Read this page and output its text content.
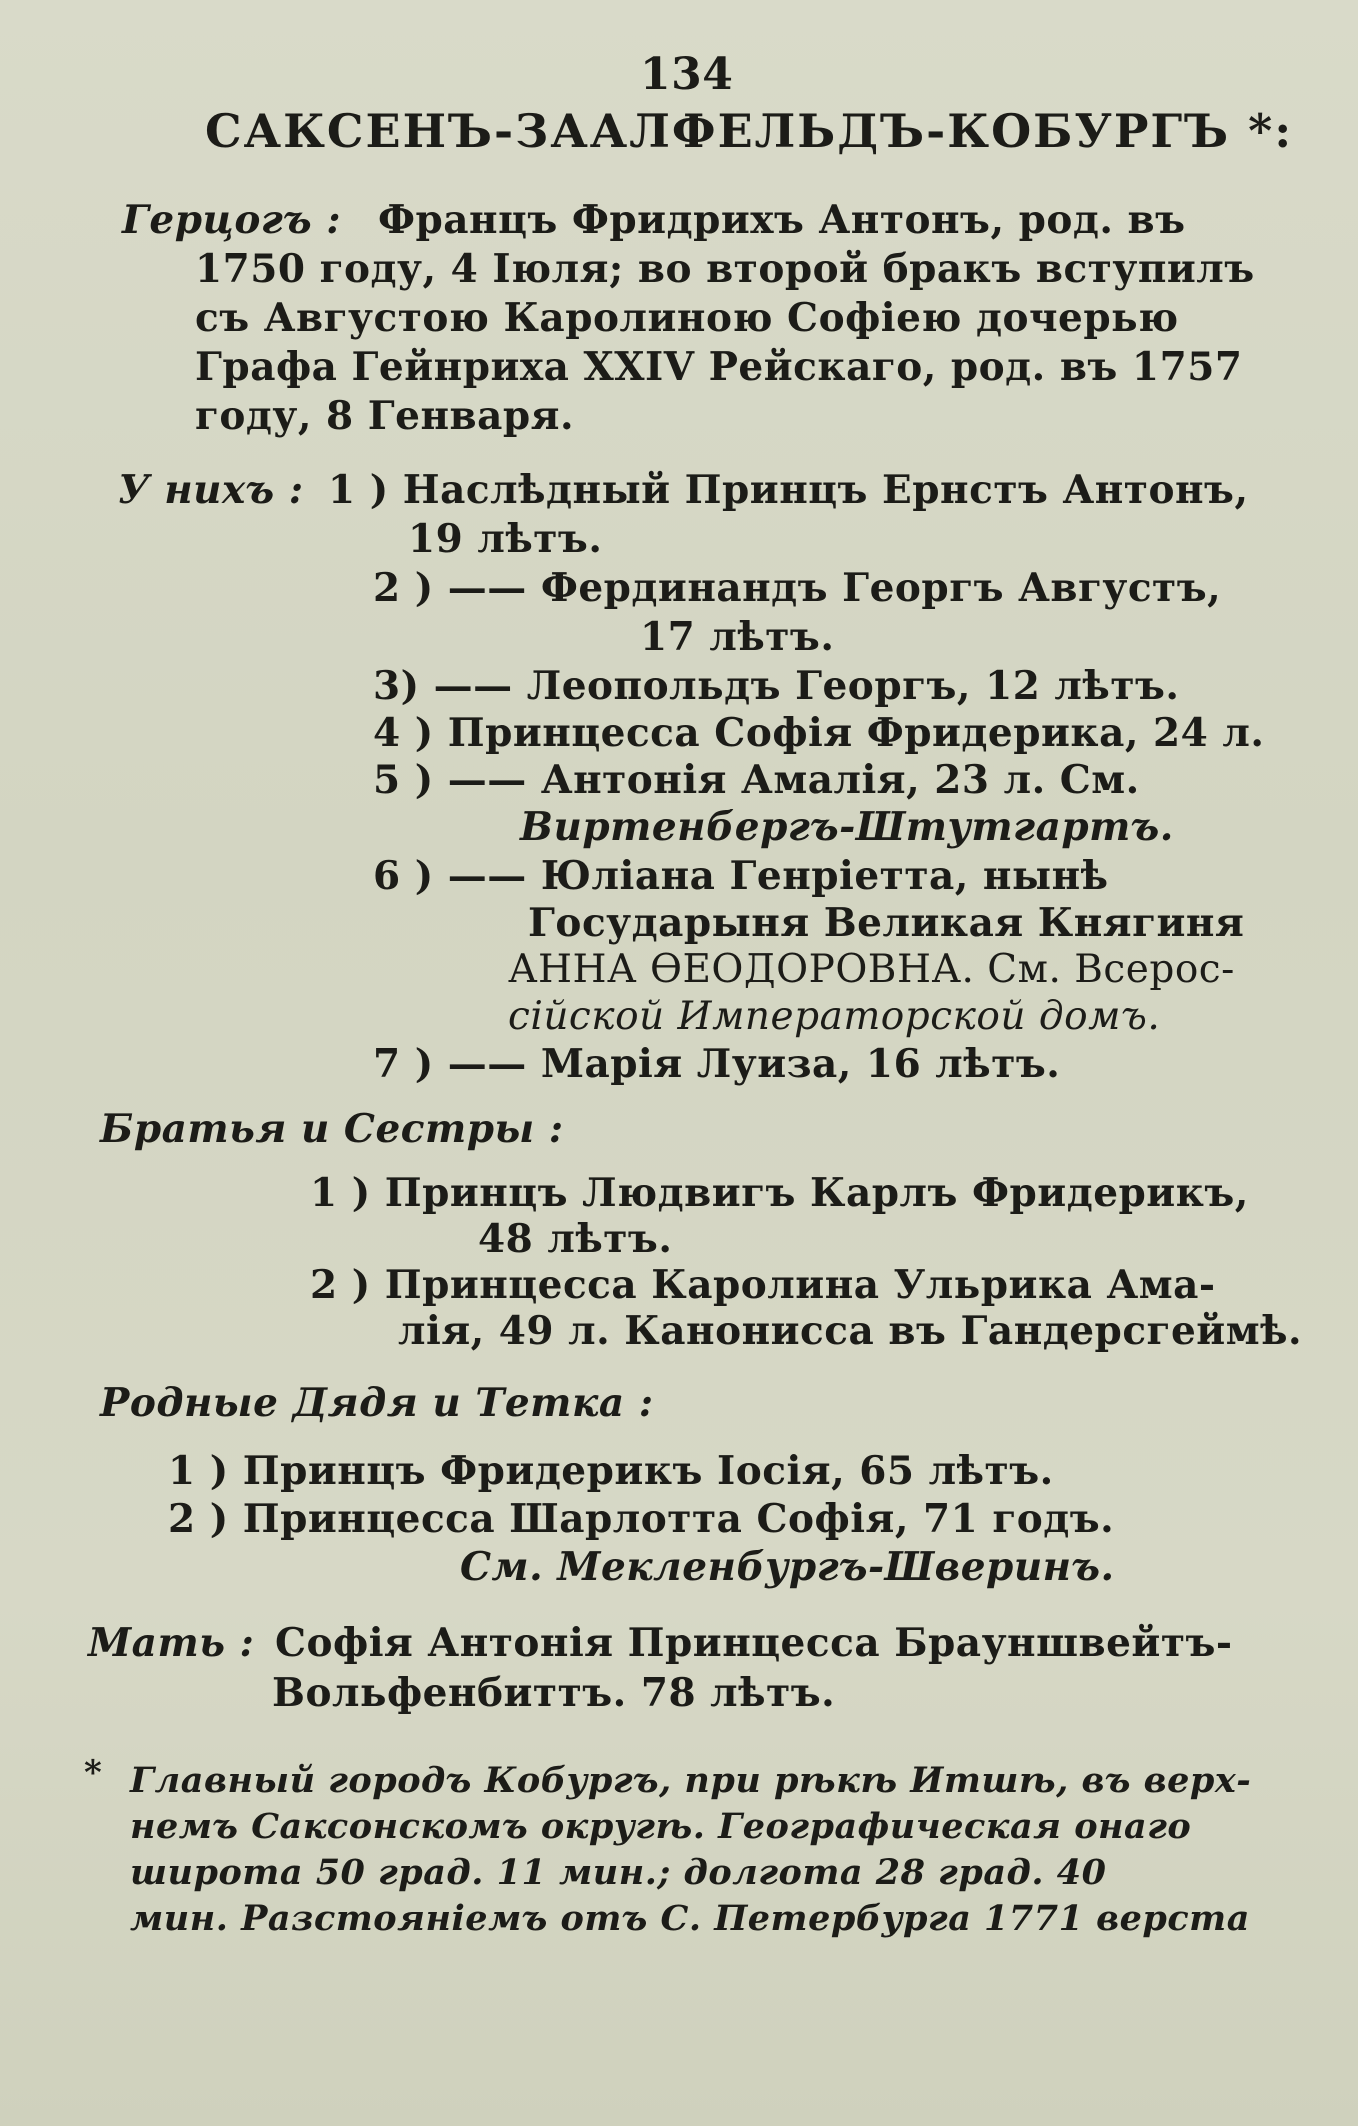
134
САКСЕНЪ-ЗААЛФЕЛЬДЪ-КОБУРГЪ *:
Герцогъ : Францъ Фридрихъ Антонъ, род. въ
1750 году, 4 Іюля; во второй бракъ вступилъ
съ Августою Каролиною Софіею дочерью
Графа Гейнриха XXIV Рейскаго, род. въ 1757
году, 8 Генваря.
У нихъ : 1 ) Наслѣдный Принцъ Ернстъ Антонъ,
19 лѣтъ.
2 ) —— Фердинандъ Георгъ Августъ,
17 лѣтъ.
3) —— Леопольдъ Георгъ, 12 лѣтъ.
4 ) Принцесса Софія Фридерика, 24 л.
5 ) —— Антонія Амалія, 23 л. См.
Виртенбергъ-Штутгартъ.
6 ) —— Юліана Генріетта, нынѣ
Государыня Великая Княгиня
АННА ѲЕОДОРОВНА. См. Всерос-
сійской Императорской домъ.
7 ) —— Марія Луиза, 16 лѣтъ.
Братья и Сестры :
1 ) Принцъ Людвигъ Карлъ Фридерикъ,
48 лѣтъ.
2 ) Принцесса Каролина Ульрика Ама-
лія, 49 л. Канонисса въ Гандерсгеймѣ.
Родные Дядя и Тетка :
1 ) Принцъ Фридерикъ Іосія, 65 лѣтъ.
2 ) Принцесса Шарлотта Софія, 71 годъ.
См. Мекленбургъ-Шверинъ.
Мать : Софія Антонія Принцесса Брауншвейтъ-
Вольфенбиттъ. 78 лѣтъ.
* Главный городъ Кобургъ, при рѣкѣ Итшѣ, въ верх-
немъ Саксонскомъ округѣ. Географическая онаго
широта 50 град. 11 мин.; долгота 28 град. 40
мин. Разстояніемъ отъ С. Петербурга 1771 верста
